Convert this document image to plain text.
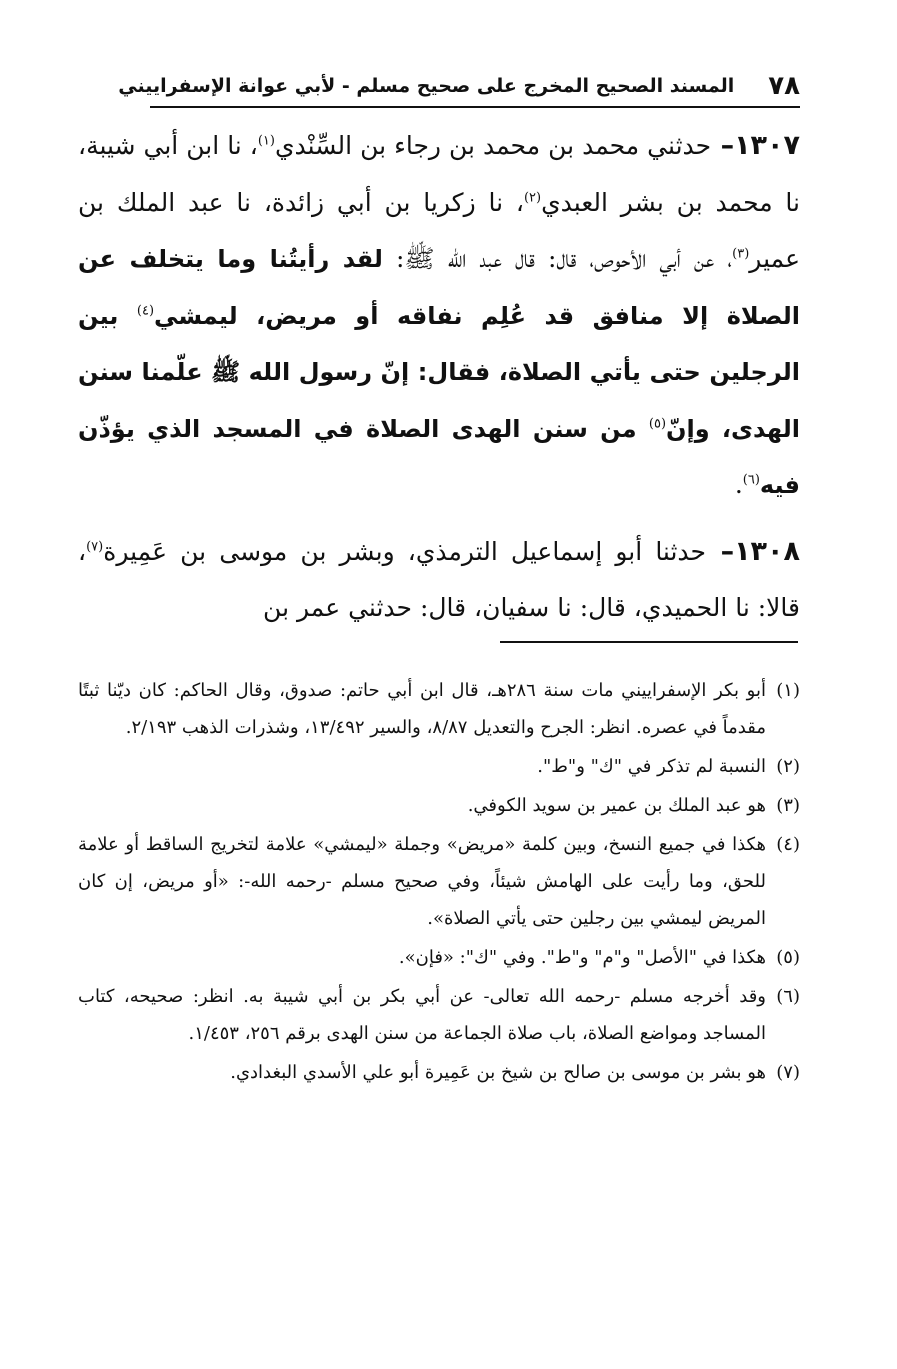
٧٨
المسند الصحيح المخرج على صحيح مسلم - لأبي عوانة الإسفراييني

١٣٠٧– حدثني محمد بن محمد بن رجاء بن السِّنْدي$^{(١)}$، نا ابن أبي شيبة، نا محمد بن بشر العبدي$^{(٢)}$، نا زكريا بن أبي زائدة، نا عبد الملك بن عمير$^{(٣)}$، عن أبي الأحوص، قال: قال عبد الله ﷺ: لقد رأيتُنا وما يتخلف عن الصلاة إلا منافق قد عُلِم نفاقه أو مريض، ليمشي$^{(٤)}$ بين الرجلين حتى يأتي الصلاة، فقال: إنّ رسول الله ﷺ علّمنا سنن الهدى، وإنّ$^{(٥)}$ من سنن الهدى الصلاة في المسجد الذي يؤذّن فيه$^{(٦)}$.

١٣٠٨– حدثنا أبو إسماعيل الترمذي، وبشر بن موسى بن عَمِيرة$^{(٧)}$، قالا: نا الحميدي، قال: نا سفيان، قال: حدثني عمر بن

(١)أبو بكر الإسفراييني مات سنة ٢٨٦هـ، قال ابن أبي حاتم: صدوق، وقال الحاكم: كان ديّنا ثبتًا مقدماً في عصره. انظر: الجرح والتعديل ٨/٨٧، والسير ١٣/٤٩٢، وشذرات الذهب ٢/١٩٣.

(٢)النسبة لم تذكر في "ك" و"ط".

(٣)هو عبد الملك بن عمير بن سويد الكوفي.

(٤)هكذا في جميع النسخ، وبين كلمة «مريض» وجملة «ليمشي» علامة لتخريج الساقط أو علامة للحق، وما رأيت على الهامش شيئاً، وفي صحيح مسلم -رحمه الله-: «أو مريض، إن كان المريض ليمشي بين رجلين حتى يأتي الصلاة».

(٥)هكذا في "الأصل" و"م" و"ط". وفي "ك": «فإن».

(٦)وقد أخرجه مسلم -رحمه الله تعالى- عن أبي بكر بن أبي شيبة به. انظر: صحيحه، كتاب المساجد ومواضع الصلاة، باب صلاة الجماعة من سنن الهدى برقم ٢٥٦، ١/٤٥٣.

(٧)هو بشر بن موسى بن صالح بن شيخ بن عَمِيرة أبو علي الأسدي البغدادي.
